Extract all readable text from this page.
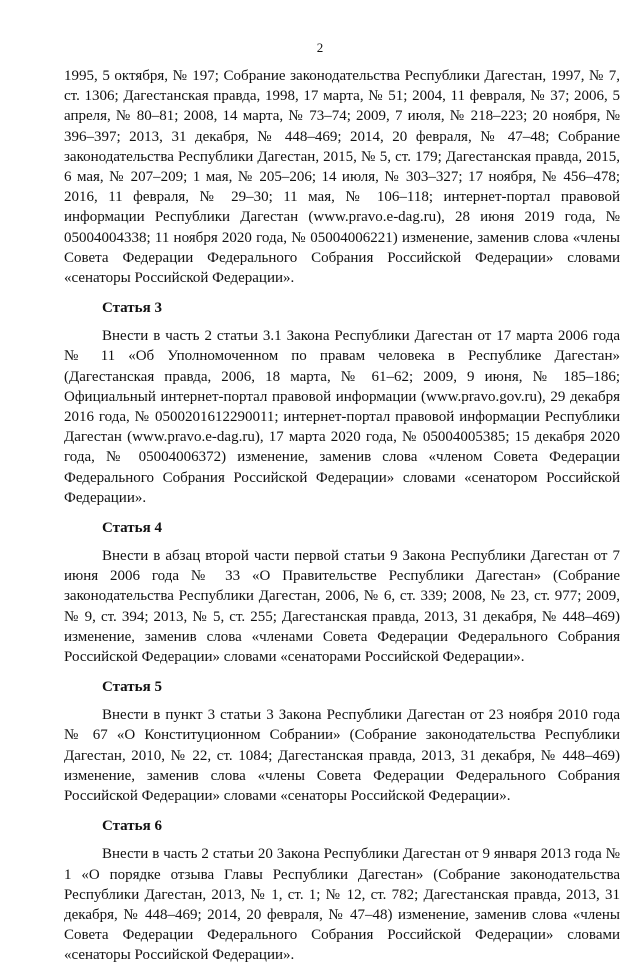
2

1995, 5 октября, № 197; Собрание законодательства Республики Дагестан, 1997, № 7, ст. 1306; Дагестанская правда, 1998, 17 марта, № 51; 2004, 11 февраля, № 37; 2006, 5 апреля, № 80–81; 2008, 14 марта, № 73–74; 2009, 7 июля, № 218–223; 20 ноября, № 396–397; 2013, 31 декабря, № 448–469; 2014, 20 февраля, № 47–48; Собрание законодательства Республики Дагестан, 2015, № 5, ст. 179; Дагестанская правда, 2015, 6 мая, № 207–209; 1 мая, № 205–206; 14 июля, № 303–327; 17 ноября, № 456–478; 2016, 11 февраля, № 29–30; 11 мая, № 106–118; интернет-портал правовой информации Республики Дагестан (www.pravo.e-dag.ru), 28 июня 2019 года, № 05004004338; 11 ноября 2020 года, № 05004006221) изменение, заменив слова «члены Совета Федерации Федерального Собрания Российской Федерации» словами «сенаторы Российской Федерации».

Статья 3

Внести в часть 2 статьи 3.1 Закона Республики Дагестан от 17 марта 2006 года № 11 «Об Уполномоченном по правам человека в Республике Дагестан» (Дагестанская правда, 2006, 18 марта, № 61–62; 2009, 9 июня, № 185–186; Официальный интернет-портал правовой информации (www.pravo.gov.ru), 29 декабря 2016 года, № 0500201612290011; интернет-портал правовой информации Республики Дагестан (www.pravo.e-dag.ru), 17 марта 2020 года, № 05004005385; 15 декабря 2020 года, № 05004006372) изменение, заменив слова «членом Совета Федерации Федерального Собрания Российской Федерации» словами «сенатором Российской Федерации».

Статья 4

Внести в абзац второй части первой статьи 9 Закона Республики Дагестан от 7 июня 2006 года № 33 «О Правительстве Республики Дагестан» (Собрание законодательства Республики Дагестан, 2006, № 6, ст. 339; 2008, № 23, ст. 977; 2009, № 9, ст. 394; 2013, № 5, ст. 255; Дагестанская правда, 2013, 31 декабря, № 448–469) изменение, заменив слова «членами Совета Федерации Федерального Собрания Российской Федерации» словами «сенаторами Российской Федерации».

Статья 5

Внести в пункт 3 статьи 3 Закона Республики Дагестан от 23 ноября 2010 года № 67 «О Конституционном Собрании» (Собрание законодательства Республики Дагестан, 2010, № 22, ст. 1084; Дагестанская правда, 2013, 31 декабря, № 448–469) изменение, заменив слова «члены Совета Федерации Федерального Собрания Российской Федерации» словами «сенаторы Российской Федерации».

Статья 6

Внести в часть 2 статьи 20 Закона Республики Дагестан от 9 января 2013 года № 1 «О порядке отзыва Главы Республики Дагестан» (Собрание законодательства Республики Дагестан, 2013, № 1, ст. 1; № 12, ст. 782; Дагестанская правда, 2013, 31 декабря, № 448–469; 2014, 20 февраля, № 47–48) изменение, заменив слова «члены Совета Федерации Федерального Собрания Российской Федерации» словами «сенаторы Российской Федерации».
